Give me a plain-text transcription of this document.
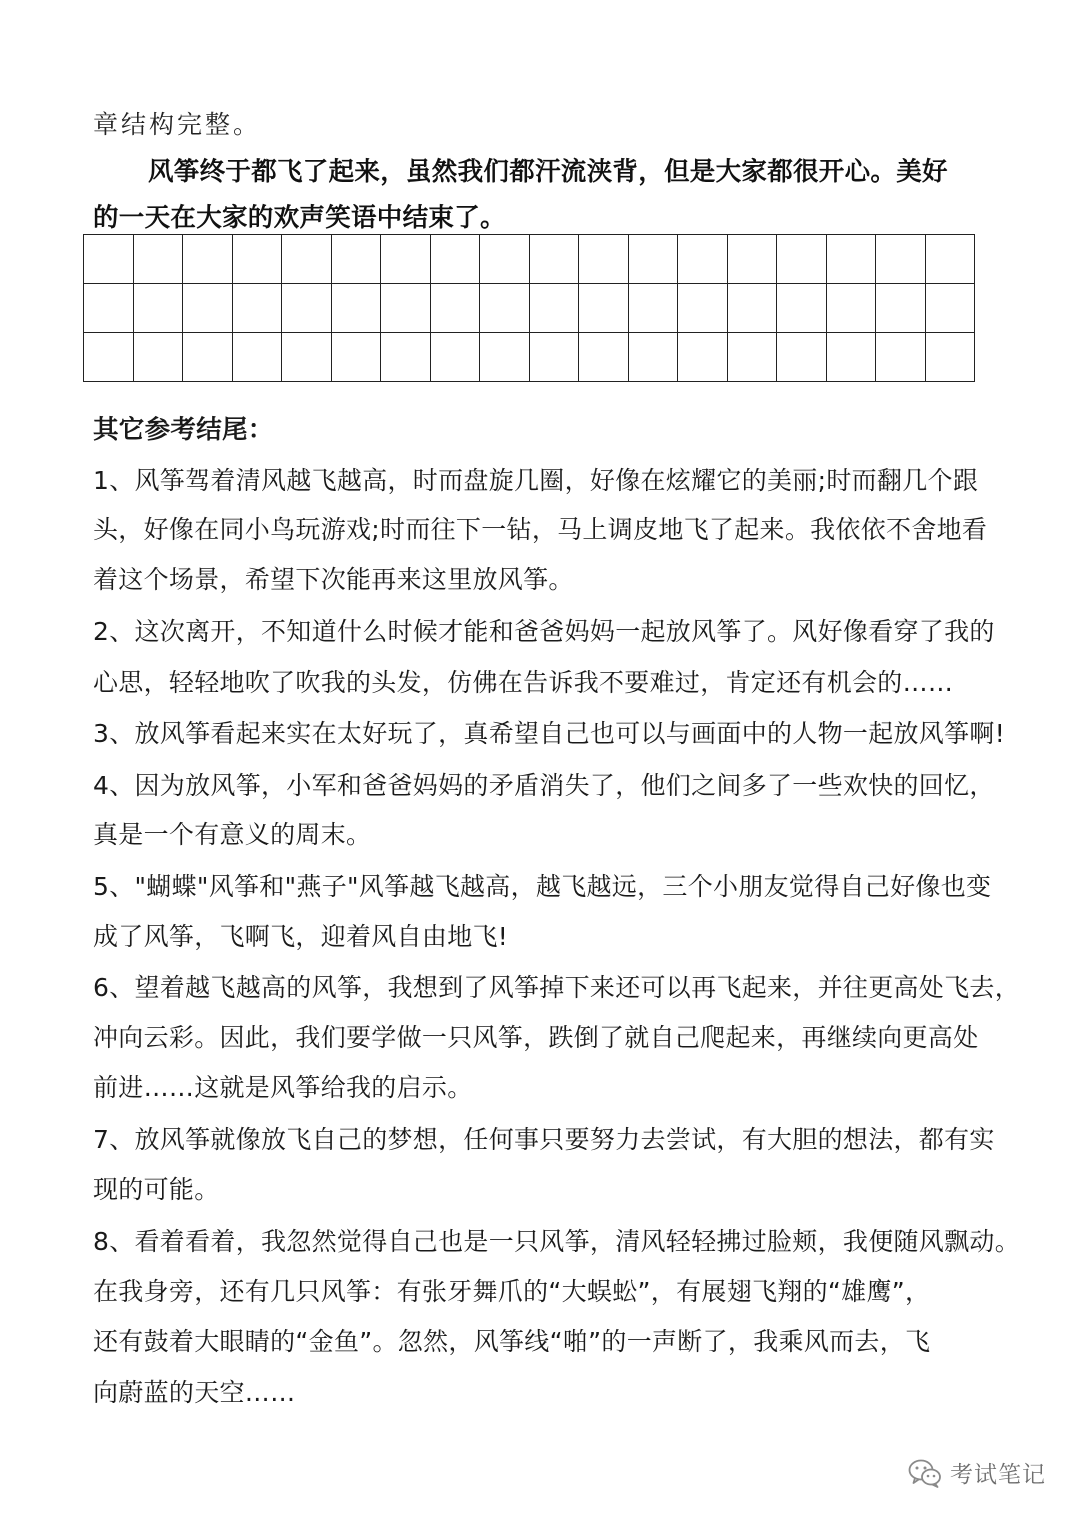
章结构完整。
风筝终于都飞了起来，虽然我们都汗流浃背，但是大家都很开心。美好
的一天在大家的欢声笑语中结束了。

其它参考结尾：
1、风筝驾着清风越飞越高，时而盘旋几圈，好像在炫耀它的美丽;时而翻几个跟
头，好像在同小鸟玩游戏;时而往下一钻，马上调皮地飞了起来。我依依不舍地看
着这个场景，希望下次能再来这里放风筝。
2、这次离开，不知道什么时候才能和爸爸妈妈一起放风筝了。风好像看穿了我的
心思，轻轻地吹了吹我的头发，仿佛在告诉我不要难过，肯定还有机会的……
3、放风筝看起来实在太好玩了，真希望自己也可以与画面中的人物一起放风筝啊!
4、因为放风筝，小军和爸爸妈妈的矛盾消失了，他们之间多了一些欢快的回忆，
真是一个有意义的周末。
5、"蝴蝶"风筝和"燕子"风筝越飞越高，越飞越远，三个小朋友觉得自己好像也变
成了风筝，飞啊飞，迎着风自由地飞!
6、望着越飞越高的风筝，我想到了风筝掉下来还可以再飞起来，并往更高处飞去，
冲向云彩。因此，我们要学做一只风筝，跌倒了就自己爬起来，再继续向更高处
前进……这就是风筝给我的启示。
7、放风筝就像放飞自己的梦想，任何事只要努力去尝试，有大胆的想法，都有实
现的可能。
8、看着看着，我忽然觉得自己也是一只风筝，清风轻轻拂过脸颊，我便随风飘动。
在我身旁，还有几只风筝：有张牙舞爪的“大蜈蚣”，有展翅飞翔的“雄鹰”，
还有鼓着大眼睛的“金鱼”。忽然，风筝线“啪”的一声断了，我乘风而去，飞
向蔚蓝的天空……
考试笔记
